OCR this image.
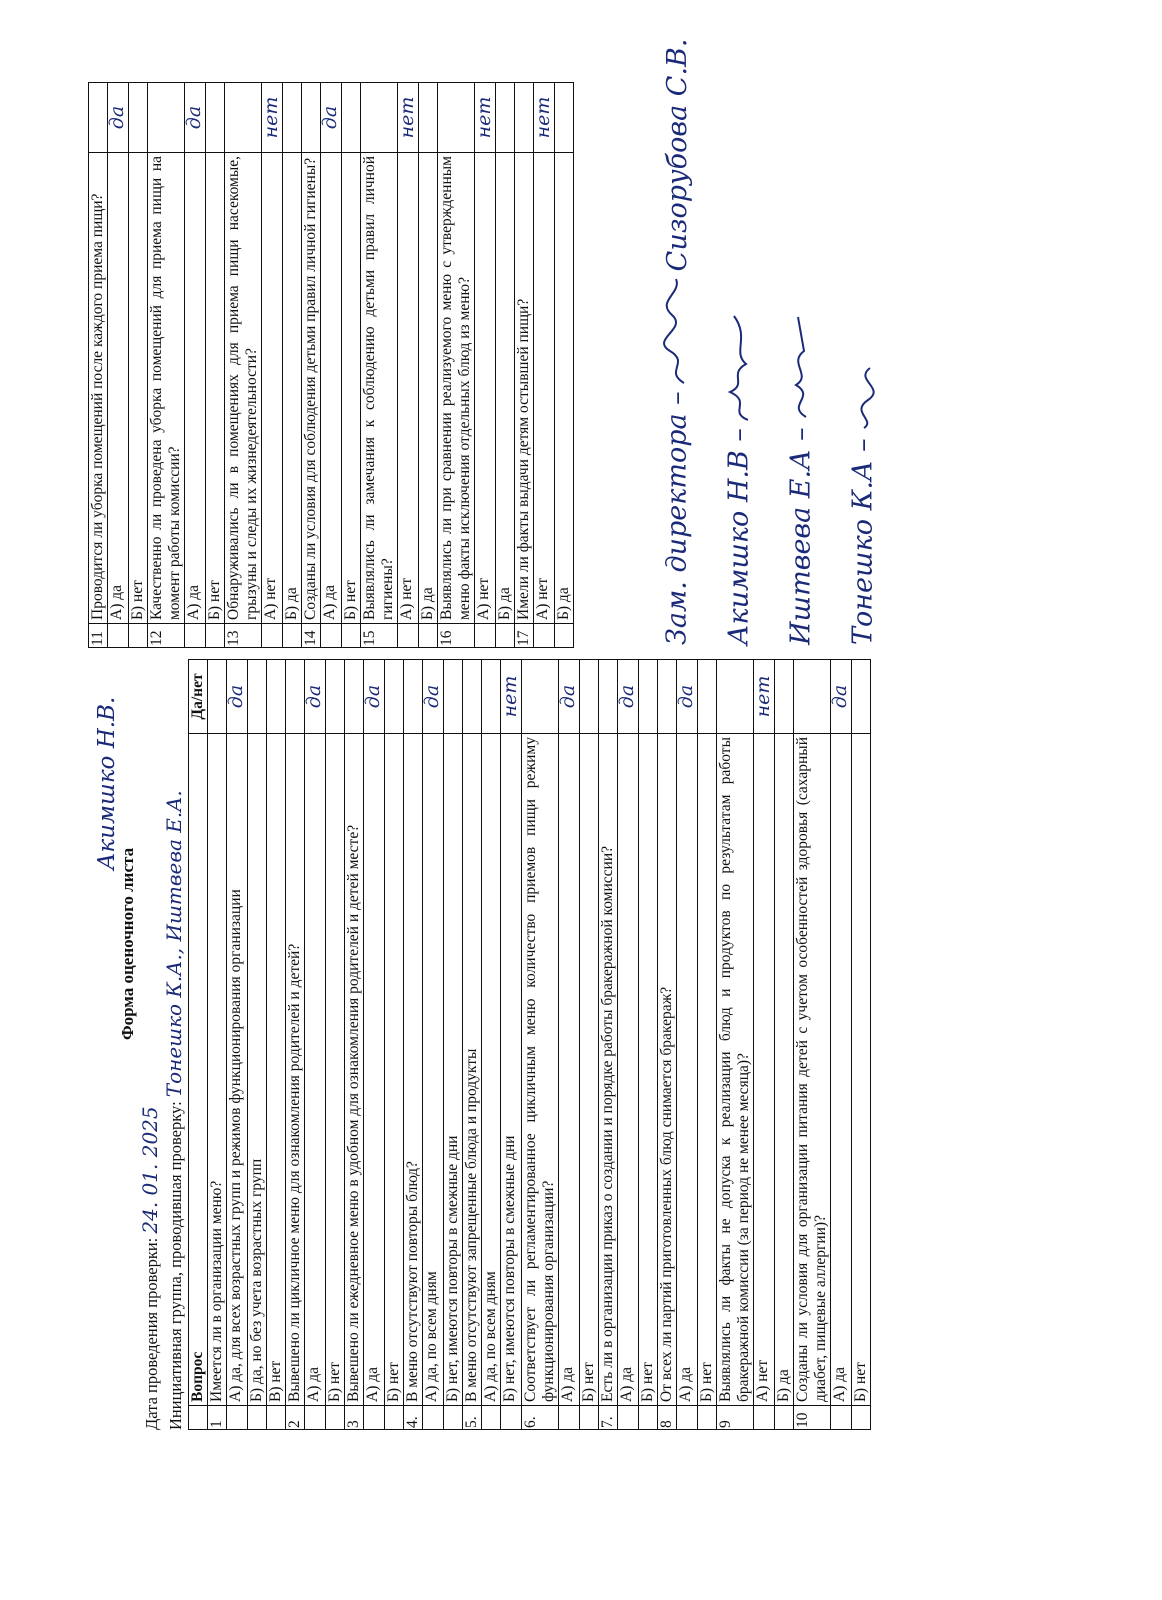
Форма оценочного листа
Дата проведения проверки: 24. 01. 2025 Инициативная группа, проводившая проверку: Тонешко К.А., Иштвева Е.А.
Акимшко Н.В.
	Вопрос	Да/нет
1	Имеется ли в организации меню?	
	А) да, для всех возрастных групп и режимов функционирования организации	да
	Б) да, но без учета возрастных групп	
	В) нет	
2	Вывешено ли цикличное меню для ознакомления родителей и детей?	
	А) да	да
	Б) нет	
3	Вывешено ли ежедневное меню в удобном для ознакомления родителей и детей месте?	
	А) да	да
	Б) нет	
4.	В меню отсутствуют повторы блюд?	
	А) да, по всем дням	да
	Б) нет, имеются повторы в смежные дни	
5.	В меню отсутствуют запрещенные блюда и продукты	
	А) да, по всем дням	
	Б) нет, имеются повторы в смежные дни	нет
6.	Соответствует ли регламентированное цикличным меню количество приемов пищи режиму функционирования организации?	
	А) да	да
	Б) нет	
7.	Есть ли в организации приказ о создании и порядке работы бракеражной комиссии?	
	А) да	да
	Б) нет	
8	От всех ли партий приготовленных блюд снимается бракераж?	
	А) да	да
	Б) нет	
9	Выявлялись ли факты не допуска к реализации блюд и продуктов по результатам работы бракеражной комиссии (за период не менее месяца)?	
	А) нет	нет
	Б) да	
10	Созданы ли условия для организации питания детей с учетом особенностей здоровья (сахарный диабет, пищевые аллергии)?	
	А) да	да
	Б) нет	
11	Проводится ли уборка помещений после каждого приема пищи?	
	А) да	да
	Б) нет	
12	Качественно ли проведена уборка помещений для приема пищи на момент работы комиссии?	
	А) да	да
	Б) нет	
13	Обнаруживались ли в помещениях для приема пищи насекомые, грызуны и следы их жизнедеятельности?	
	А) нет	нет
	Б) да	
14	Созданы ли условия для соблюдения детьми правил личной гигиены?	
	А) да	да
	Б) нет	
15	Выявлялись ли замечания к соблюдению детьми правил личной гигиены?	
	А) нет	нет
	Б) да	
16	Выявлялись ли при сравнении реализуемого меню с утвержденным меню факты исключения отдельных блюд из меню?	
	А) нет	нет
	Б) да	
17	Имели ли факты выдачи детям остывшей пищи?	
	А) нет	нет
	Б) да		Зам. директора –Сизорубова С.В.
Акимшко Н.В – Иштвева Е.А – Тонешко К.А –
